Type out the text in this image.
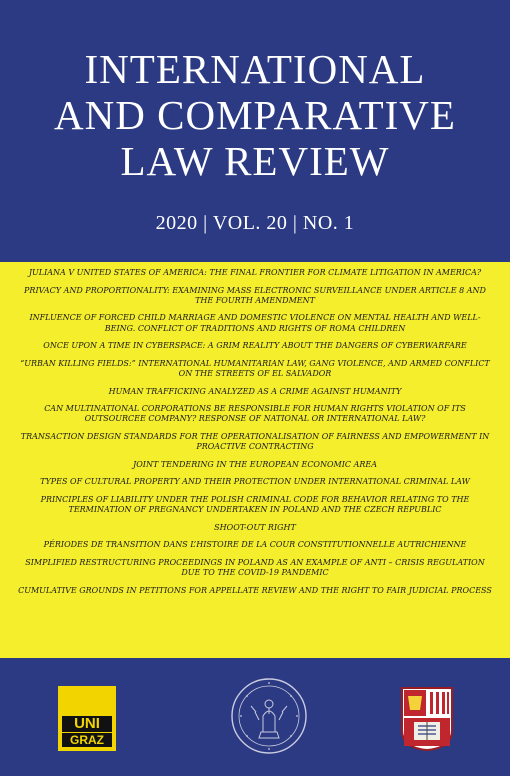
INTERNATIONAL
AND COMPARATIVE
LAW REVIEW
2020 | VOL. 20 | NO. 1
JULIANA V UNITED STATES OF AMERICA: THE FINAL FRONTIER FOR CLIMATE LITIGATION IN AMERICA?
PRIVACY AND PROPORTIONALITY: EXAMINING MASS ELECTRONIC SURVEILLANCE UNDER ARTICLE 8 AND THE FOURTH AMENDMENT
INFLUENCE OF FORCED CHILD MARRIAGE AND DOMESTIC VIOLENCE ON MENTAL HEALTH AND WELL-BEING. CONFLICT OF TRADITIONS AND RIGHTS OF ROMA CHILDREN
ONCE UPON A TIME IN CYBERSPACE: A GRIM REALITY ABOUT THE DANGERS OF CYBERWARFARE
“URBAN KILLING FIELDS:” INTERNATIONAL HUMANITARIAN LAW, GANG VIOLENCE, AND ARMED CONFLICT ON THE STREETS OF EL SALVADOR
HUMAN TRAFFICKING ANALYZED AS A CRIME AGAINST HUMANITY
CAN MULTINATIONAL CORPORATIONS BE RESPONSIBLE FOR HUMAN RIGHTS VIOLATION OF ITS OUTSOURCEE COMPANY? RESPONSE OF NATIONAL OR INTERNATIONAL LAW?
TRANSACTION DESIGN STANDARDS FOR THE OPERATIONALISATION OF FAIRNESS AND EMPOWERMENT IN PROACTIVE CONTRACTING
JOINT TENDERING IN THE EUROPEAN ECONOMIC AREA
TYPES OF CULTURAL PROPERTY AND THEIR PROTECTION UNDER INTERNATIONAL CRIMINAL LAW
PRINCIPLES OF LIABILITY UNDER THE POLISH CRIMINAL CODE FOR BEHAVIOR RELATING TO THE TERMINATION OF PREGNANCY UNDERTAKEN IN POLAND AND THE CZECH REPUBLIC
SHOOT-OUT RIGHT
PÉRIODES DE TRANSITION DANS L’HISTOIRE DE LA COUR CONSTITUTIONNELLE AUTRICHIENNE
SIMPLIFIED RESTRUCTURING PROCEEDINGS IN POLAND AS AN EXAMPLE OF ANTI – CRISIS REGULATION DUE TO THE COVID-19 PANDEMIC
CUMULATIVE GROUNDS IN PETITIONS FOR APPELLATE REVIEW AND THE RIGHT TO FAIR JUDICIAL PROCESS
UNI
GRAZ
